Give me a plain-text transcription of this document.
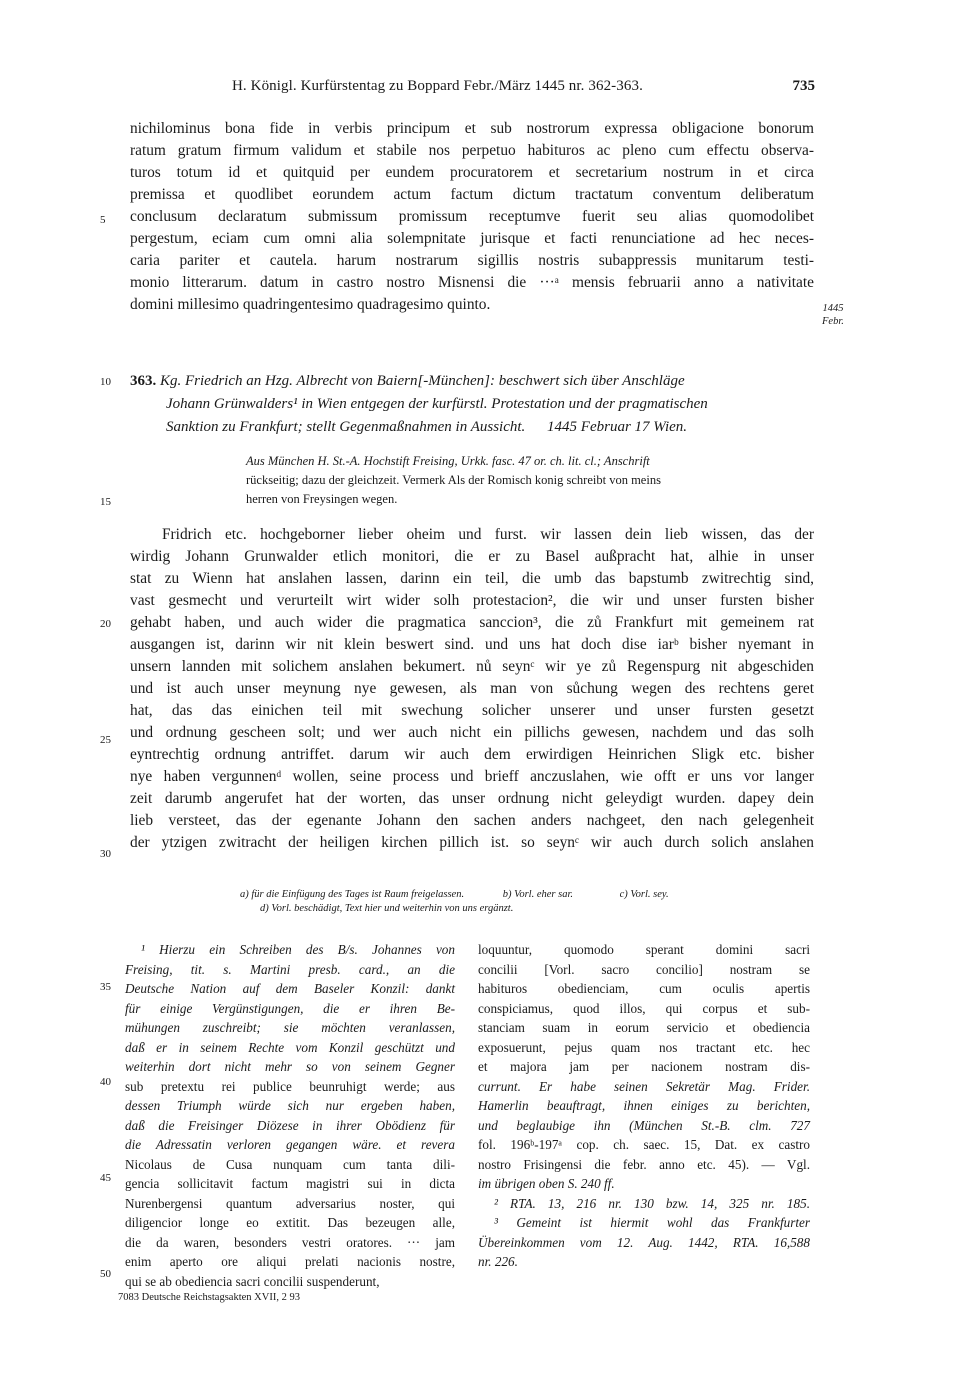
H. Königl. Kurfürstentag zu Boppard Febr./März 1445 nr. 362-363.	735
nichilominus bona fide in verbis principum et sub nostrorum expressa obligacione bonorum
ratum gratum firmum validum et stabile nos perpetuo habituros ac pleno cum effectu observa-
turos totum id et quitquid per eundem procuratorem et secretarium nostrum in et circa
premissa et quodlibet eorundem actum factum dictum tractatum conventum deliberatum
conclusum declaratum submissum promissum receptumve fuerit seu alias quomodolibet
pergestum, eciam cum omni alia solempnitate jurisque et facti renunciatione ad hec neces-
caria pariter et cautela. harum nostrarum sigillis nostris subappressis munitarum testi-
monio litterarum. datum in castro nostro Misnensi die ···ᵃ mensis februarii anno a nativitate
domini millesimo quadringentesimo quadragesimo quinto.	1445
Febr.
5
10
15
20
25
30
35
40
45
50
363. Kg. Friedrich an Hzg. Albrecht von Baiern[-München]: beschwert sich über Anschläge
Johann Grünwalders¹ in Wien entgegen der kurfürstl. Protestation und der pragmatischen
Sanktion zu Frankfurt; stellt Gegenmaßnahmen in Aussicht. 1445 Februar 17 Wien.
Aus München H. St.-A. Hochstift Freising, Urkk. fasc. 47 or. ch. lit. cl.; Anschrift
rückseitig; dazu der gleichzeit. Vermerk Als der Romisch konig schreibt von meins
herren von Freysingen wegen.
Fridrich etc. hochgeborner lieber oheim und furst. wir lassen dein lieb wissen, das der
wirdig Johann Grunwalder etlich monitori, die er zu Basel außpracht hat, alhie in unser
stat zu Wienn hat anslahen lassen, darinn ein teil, die umb das bapstumb zwitrechtig sind,
vast gesmecht und verurteilt wirt wider solh protestacion², die wir und unser fursten bisher
gehabt haben, und auch wider die pragmatica sanccion³, die zů Frankfurt mit gemeinem rat
ausgangen ist, darinn wir nit klein beswert sind. und uns hat doch dise iarᵇ bisher nyemant in
unsern lannden mit solichem anslahen bekumert. nů seynᶜ wir ye zů Regenspurg nit abgeschiden
und ist auch unser meynung nye gewesen, als man von sůchung wegen des rechtens geret
hat, das das einichen teil mit swechung solicher unserer und unser fursten gesetzt
und ordnung gescheen solt; und wer auch nicht ein pillichs gewesen, nachdem und das solh
eyntrechtig ordnung antriffet. darum wir auch dem erwirdigen Heinrichen Sligk etc. bisher
nye haben vergunnenᵈ wollen, seine process und brieff anczuslahen, wie offt er uns vor langer
zeit darumb angerufet hat der worten, das unser ordnung nicht geleydigt wurden. dapey dein
lieb versteet, das der egenante Johann den sachen anders nachgeet, den nach gelegenheit
der ytzigen zwitracht der heiligen kirchen pillich ist. so seynᶜ wir auch durch solich anslahen
a) für die Einfügung des Tages ist Raum freigelassen.	b) Vorl. eher sar.	c) Vorl. sey.
d) Vorl. beschädigt, Text hier und weiterhin von uns ergänzt.
¹ Hierzu ein Schreiben des B/s. Johannes von
Freising, tit. s. Martini presb. card., an die
Deutsche Nation auf dem Baseler Konzil: dankt
für einige Vergünstigungen, die er ihren Be-
mühungen zuschreibt; sie möchten veranlassen,
daß er in seinem Rechte vom Konzil geschützt und
weiterhin dort nicht mehr so von seinem Gegner
sub pretextu rei publice beunruhigt werde; aus
dessen Triumph würde sich nur ergeben haben,
daß die Freisinger Diözese in ihrer Obödienz für
die Adressatin verloren gegangen wäre. et revera
Nicolaus de Cusa nunquam cum tanta dili-
gencia sollicitavit factum magistri sui in dicta
Nurenbergensi quantum adversarius noster, qui
diligencior longe eo extitit. Das bezeugen alle,
die da waren, besonders vestri oratores. ··· jam
enim aperto ore aliqui prelati nacionis nostre,
qui se ab obediencia sacri concilii suspenderunt,
loquuntur, quomodo sperant domini sacri
concilii [Vorl. sacro concilio] nostram se
habituros obedienciam, cum oculis apertis
conspiciamus, quod illos, qui corpus et sub-
stanciam suam in eorum servicio et obediencia
exposuerunt, pejus quam nos tractant etc. hec
et majora jam per nacionem nostram dis-
currunt. Er habe seinen Sekretär Mag. Frider.
Hamerlin beauftragt, ihnen einiges zu berichten,
und beglaubige ihn (München St.-B. clm. 727
fol. 196ᵇ-197ᵃ cop. ch. saec. 15, Dat. ex castro
nostro Frisingensi die febr. anno etc. 45). — Vgl.
im übrigen oben S. 240 ff.
² RTA. 13, 216 nr. 130 bzw. 14, 325 nr. 185.
³ Gemeint ist hiermit wohl das Frankfurter
Übereinkommen vom 12. Aug. 1442, RTA. 16,588
nr. 226.
7083 Deutsche Reichstagsakten XVII, 2 93
